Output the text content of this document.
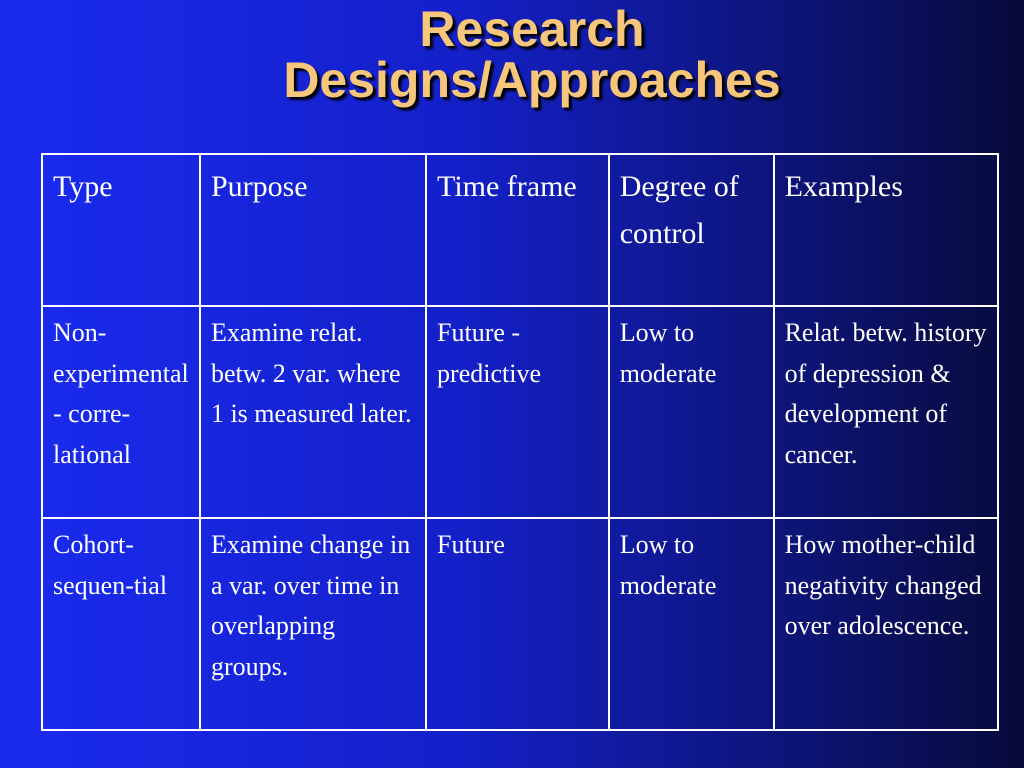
Research
Designs/Approaches
Type	Purpose	Time frame	Degree of control	Examples
Non-experimental - corre-lational	Examine relat. betw. 2 var. where 1 is measured later.	Future - predictive	Low to moderate	Relat. betw. history of depression & development of cancer.
Cohort-sequen-tial	Examine change in a var. over time in overlapping groups.	Future	Low to moderate	How mother-child negativity changed over adolescence.
